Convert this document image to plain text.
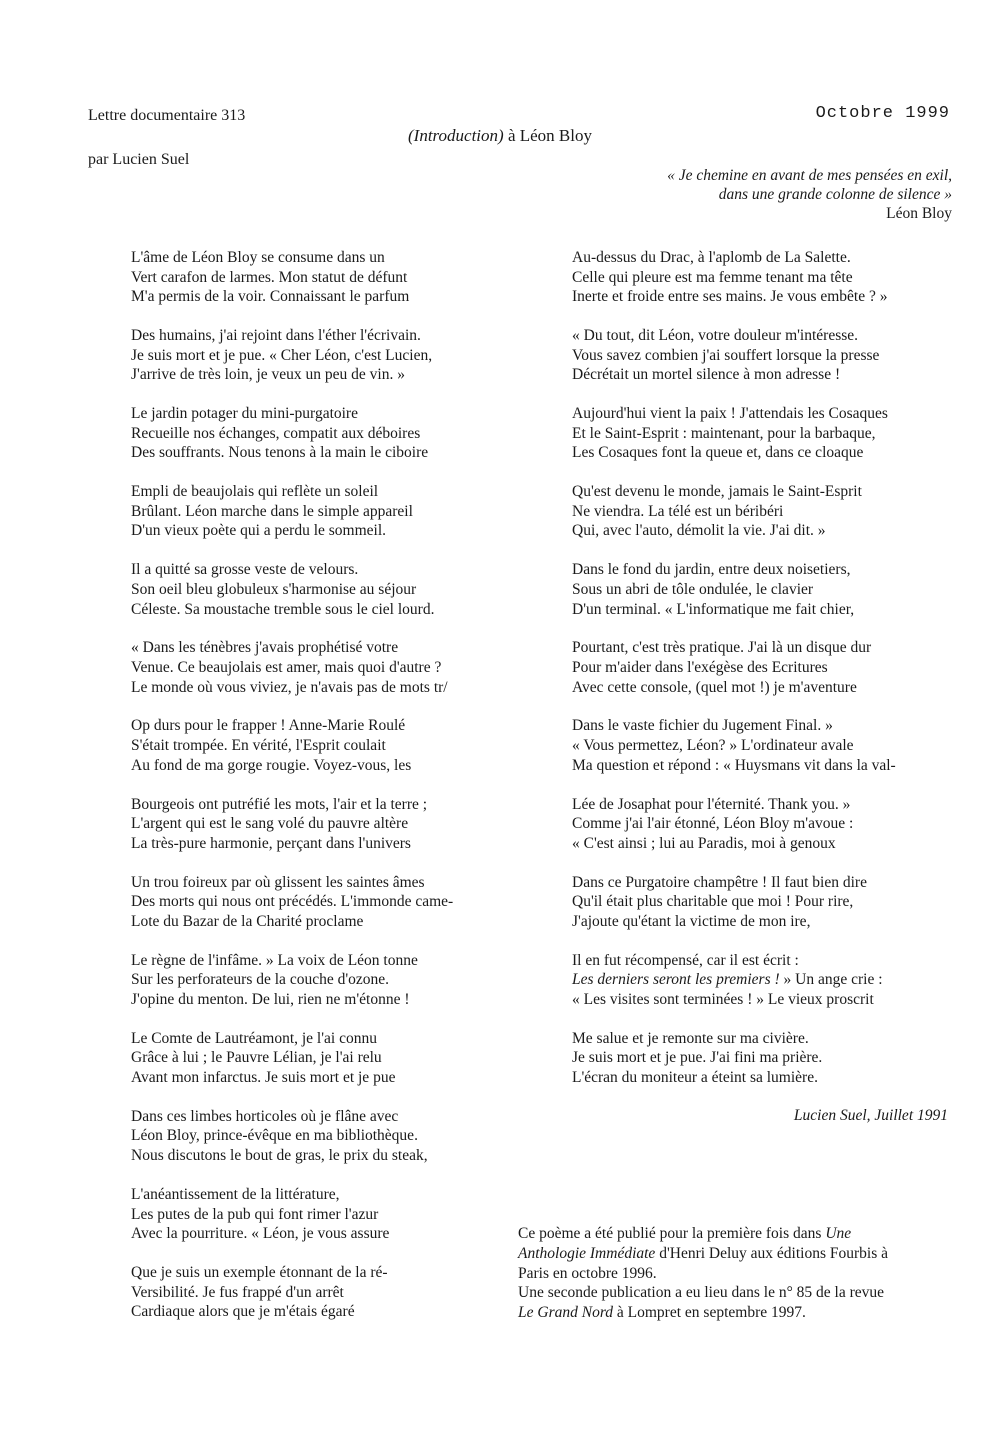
Lettre documentaire 313
par Lucien Suel
Octobre 1999
(Introduction) à Léon Bloy
« Je chemine en avant de mes pensées en exil,
dans une grande colonne de silence »
Léon Bloy
L'âme de Léon Bloy se consume dans un
Vert carafon de larmes. Mon statut de défunt
M'a permis de la voir. Connaissant le parfum
Des humains, j'ai rejoint dans l'éther l'écrivain.
Je suis mort et je pue. « Cher Léon, c'est Lucien,
J'arrive de très loin, je veux un peu de vin. »
Le jardin potager du mini-purgatoire
Recueille nos échanges, compatit aux déboires
Des souffrants. Nous tenons à la main le ciboire
Empli de beaujolais qui reflète un soleil
Brûlant. Léon marche dans le simple appareil
D'un vieux poète qui a perdu le sommeil.
Il a quitté sa grosse veste de velours.
Son oeil bleu globuleux s'harmonise au séjour
Céleste. Sa moustache tremble sous le ciel lourd.
« Dans les ténèbres j'avais prophétisé votre
Venue. Ce beaujolais est amer, mais quoi d'autre ?
Le monde où vous viviez, je n'avais pas de mots tr/
Op durs pour le frapper ! Anne-Marie Roulé
S'était trompée. En vérité, l'Esprit coulait
Au fond de ma gorge rougie. Voyez-vous, les
Bourgeois ont putréfié les mots, l'air et la terre ;
L'argent qui est le sang volé du pauvre altère
La très-pure harmonie, perçant dans l'univers
Un trou foireux par où glissent les saintes âmes
Des morts qui nous ont précédés. L'immonde came-
Lote du Bazar de la Charité proclame
Le règne de l'infâme. » La voix de Léon tonne
Sur les perforateurs de la couche d'ozone.
J'opine du menton. De lui, rien ne m'étonne !
Le Comte de Lautréamont, je l'ai connu
Grâce à lui ; le Pauvre Lélian, je l'ai relu
Avant mon infarctus. Je suis mort et je pue
Dans ces limbes horticoles où je flâne avec
Léon Bloy, prince-évêque en ma bibliothèque.
Nous discutons le bout de gras, le prix du steak,
L'anéantissement de la littérature,
Les putes de la pub qui font rimer l'azur
Avec la pourriture. « Léon, je vous assure
Que je suis un exemple étonnant de la ré-
Versibilité. Je fus frappé d'un arrêt
Cardiaque alors que je m'étais égaré
Au-dessus du Drac, à l'aplomb de La Salette.
Celle qui pleure est ma femme tenant ma tête
Inerte et froide entre ses mains. Je vous embête ? »
« Du tout, dit Léon, votre douleur m'intéresse.
Vous savez combien j'ai souffert lorsque la presse
Décrétait un mortel silence à mon adresse !
Aujourd'hui vient la paix ! J'attendais les Cosaques
Et le Saint-Esprit : maintenant, pour la barbaque,
Les Cosaques font la queue et, dans ce cloaque
Qu'est devenu le monde, jamais le Saint-Esprit
Ne viendra. La télé est un béribéri
Qui, avec l'auto, démolit la vie. J'ai dit. »
Dans le fond du jardin, entre deux noisetiers,
Sous un abri de tôle ondulée, le clavier
D'un terminal. « L'informatique me fait chier,
Pourtant, c'est très pratique. J'ai là un disque dur
Pour m'aider dans l'exégèse des Ecritures
Avec cette console, (quel mot !) je m'aventure
Dans le vaste fichier du Jugement Final. »
« Vous permettez, Léon? » L'ordinateur avale
Ma question et répond : « Huysmans vit dans la val-
Lée de Josaphat pour l'éternité. Thank you. »
Comme j'ai l'air étonné, Léon Bloy m'avoue :
« C'est ainsi ; lui au Paradis, moi à genoux
Dans ce Purgatoire champêtre ! Il faut bien dire
Qu'il était plus charitable que moi ! Pour rire,
J'ajoute qu'étant la victime de mon ire,
Il en fut récompensé, car il est écrit :
Les derniers seront les premiers ! » Un ange crie :
« Les visites sont terminées ! » Le vieux proscrit
Me salue et je remonte sur ma civière.
Je suis mort et je pue. J'ai fini ma prière.
L'écran du moniteur a éteint sa lumière.
Lucien Suel, Juillet 1991
Ce poème a été publié pour la première fois dans Une
Anthologie Immédiate d'Henri Deluy aux éditions Fourbis à
Paris en octobre 1996.
Une seconde publication a eu lieu dans le n° 85 de la revue
Le Grand Nord à Lompret en septembre 1997.
